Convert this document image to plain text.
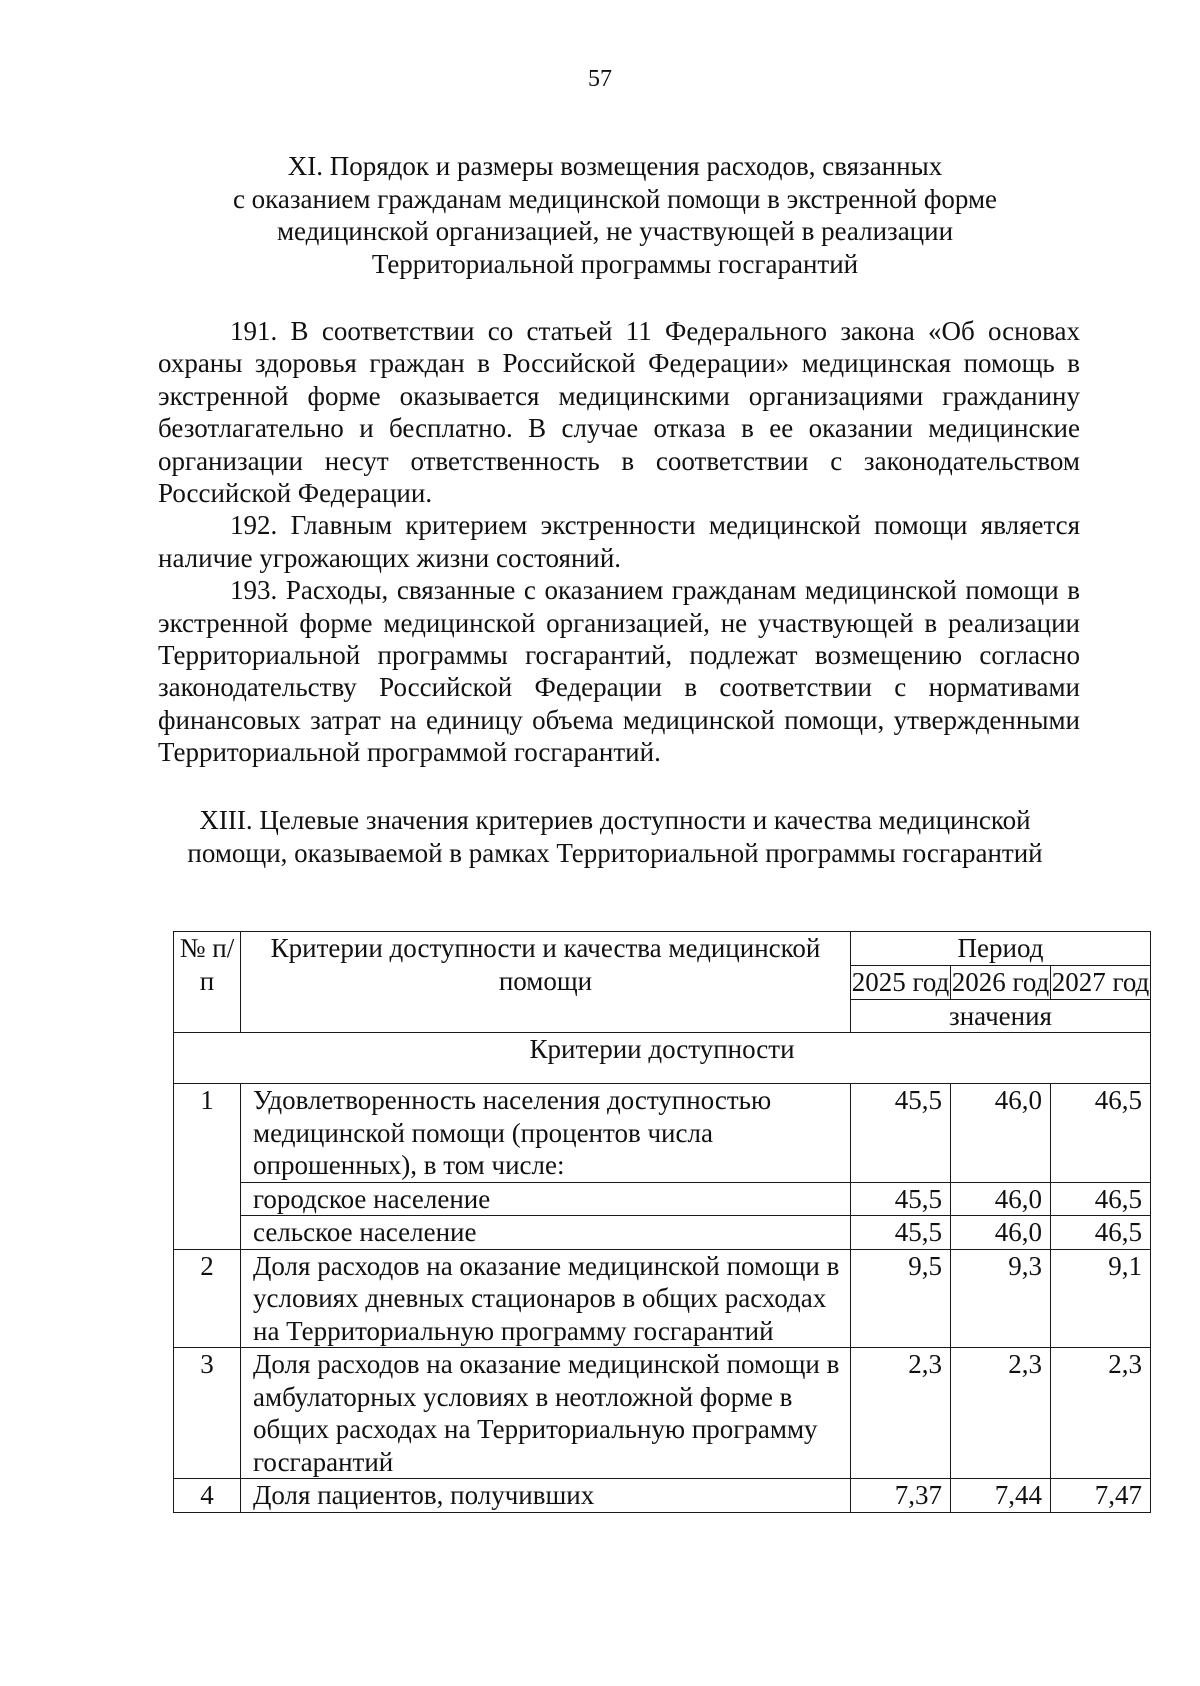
57
XI. Порядок и размеры возмещения расходов, связанных
с оказанием гражданам медицинской помощи в экстренной форме
медицинской организацией, не участвующей в реализации
Территориальной программы госгарантий

191. В соответствии со статьей 11 Федерального закона «Об основах охраны здоровья граждан в Российской Федерации» медицинская помощь в экстренной форме оказывается медицинскими организациями гражданину безотлагательно и бесплатно. В случае отказа в ее оказании медицинские организации несут ответственность в соответствии с законодательством Российской Федерации.

192. Главным критерием экстренности медицинской помощи является наличие угрожающих жизни состояний.

193. Расходы, связанные с оказанием гражданам медицинской помощи в экстренной форме медицинской организацией, не участвующей в реализации Территориальной программы госгарантий, подлежат возмещению согласно законодательству Российской Федерации в соответствии с нормативами финансовых затрат на единицу объема медицинской помощи, утвержденными Территориальной программой госгарантий.

XIII. Целевые значения критериев доступности и качества медицинской
помощи, оказываемой в рамках Территориальной программы госгарантий
№ п/п	Критерии доступности и качества медицинской помощи	Период		
		2025 год	2026 год	2027 год
		значения		
Критерии доступности				
1	Удовлетворенность населения доступностью медицинской помощи (процентов числа опрошенных), в том числе:	45,5	46,0	46,5
	городское население	45,5	46,0	46,5
	сельское население	45,5	46,0	46,5
2	Доля расходов на оказание медицинской помощи в условиях дневных стационаров в общих расходах на Территориальную программу госгарантий	9,5	9,3	9,1
3	Доля расходов на оказание медицинской помощи в амбулаторных условиях в неотложной форме в общих расходах на Территориальную программу госгарантий	2,3	2,3	2,3
4	Доля пациентов, получивших	7,37	7,44	7,47
